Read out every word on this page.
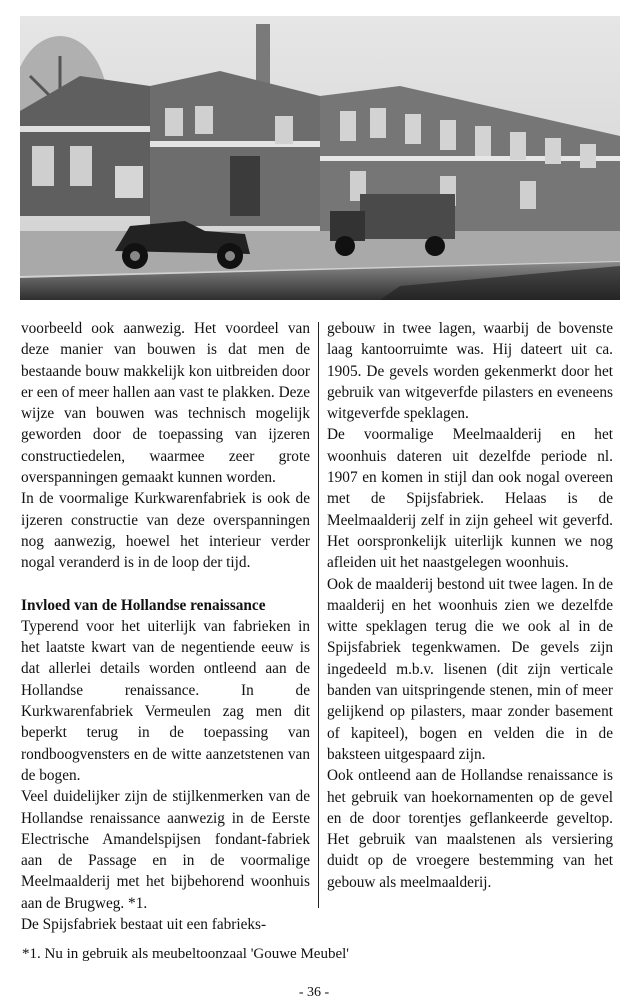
voorbeeld ook aanwezig. Het voordeel van deze manier van bouwen is dat men de bestaande bouw makkelijk kon uitbreiden door er een of meer hallen aan vast te plakken. Deze wijze van bouwen was technisch mogelijk geworden door de toepassing van ijzeren constructiedelen, waarmee zeer grote overspanningen gemaakt kunnen worden.

In de voormalige Kurkwarenfabriek is ook de ijzeren constructie van deze overspanningen nog aanwezig, hoewel het interieur verder nogal veranderd is in de loop der tijd.

Invloed van de Hollandse renaissance

Typerend voor het uiterlijk van fabrieken in het laatste kwart van de negentiende eeuw is dat allerlei details worden ontleend aan de Hollandse renaissance. In de Kurkwarenfabriek Vermeulen zag men dit beperkt terug in de toepassing van rondboogvensters en de witte aanzetstenen van de bogen.

Veel duidelijker zijn de stijlkenmerken van de Hollandse renaissance aanwezig in de Eerste Electrische Amandelspijsen fondant-fabriek aan de Passage en in de voormalige Meelmaalderij met het bijbehorend woonhuis aan de Brugweg. *1.

De Spijsfabriek bestaat uit een fabrieks-

gebouw in twee lagen, waarbij de bovenste laag kantoorruimte was. Hij dateert uit ca. 1905. De gevels worden gekenmerkt door het gebruik van witgeverfde pilasters en eveneens witgeverfde speklagen.

De voormalige Meelmaalderij en het woonhuis dateren uit dezelfde periode nl. 1907 en komen in stijl dan ook nogal overeen met de Spijsfabriek. Helaas is de Meelmaalderij zelf in zijn geheel wit geverfd. Het oorspronkelijk uiterlijk kunnen we nog afleiden uit het naastgelegen woonhuis.

Ook de maalderij bestond uit twee lagen. In de maalderij en het woonhuis zien we dezelfde witte speklagen terug die we ook al in de Spijsfabriek tegenkwamen. De gevels zijn ingedeeld m.b.v. lisenen (dit zijn verticale banden van uitspringende stenen, min of meer gelijkend op pilasters, maar zonder basement of kapiteel), bogen en velden die in de baksteen uitgespaard zijn.

Ook ontleend aan de Hollandse renaissance is het gebruik van hoekornamenten op de gevel en de door torentjes geflankeerde geveltop. Het gebruik van maalstenen als versiering duidt op de vroegere bestemming van het gebouw als meelmaalderij.

*1. Nu in gebruik als meubeltoonzaal 'Gouwe Meubel'
- 36 -
